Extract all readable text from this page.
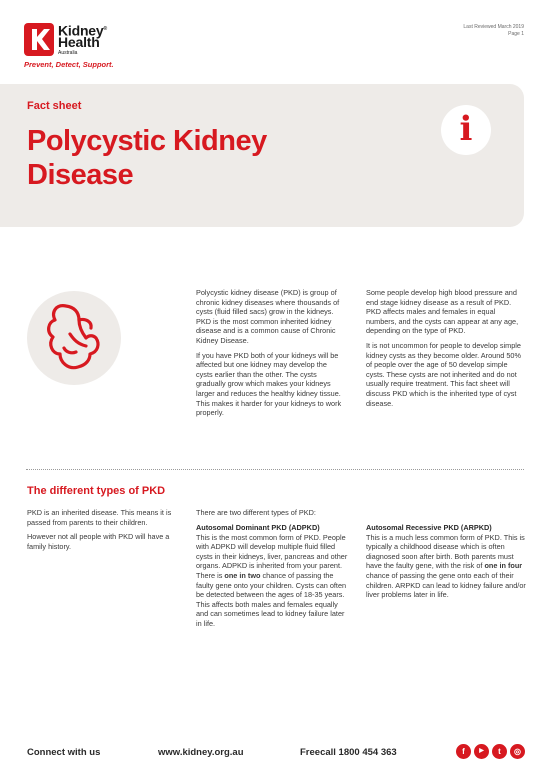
Kidney®
Health
Australia
Prevent, Detect, Support.
Last Reviewed March 2019
Page 1
Fact sheet
Polycystic Kidney Disease
i

Polycystic kidney disease (PKD) is group of chronic kidney diseases where thousands of cysts (fluid filled sacs) grow in the kidneys. PKD is the most common inherited kidney disease and is a common cause of Chronic Kidney Disease.

If you have PKD both of your kidneys will be affected but one kidney may develop the cysts earlier than the other. The cysts gradually grow which makes your kidneys larger and reduces the healthy kidney tissue. This makes it harder for your kidneys to work properly.

Some people develop high blood pressure and end stage kidney disease as a result of PKD. PKD affects males and females in equal numbers, and the cysts can appear at any age, depending on the type of PKD.

It is not uncommon for people to develop simple kidney cysts as they become older. Around 50% of people over the age of 50 develop simple cysts. These cysts are not inherited and do not usually require treatment. This fact sheet will discuss PKD which is the inherited type of cyst disease.

The different types of PKD

PKD is an inherited disease. This means it is passed from parents to their children.

However not all people with PKD will have a family history.

There are two different types of PKD:

Autosomal Dominant PKD (ADPKD)
This is the most common form of PKD. People with ADPKD will develop multiple fluid filled cysts in their kidneys, liver, pancreas and other organs. ADPKD is inherited from your parent. There is one in two chance of passing the faulty gene onto your children. Cysts can often be detected between the ages of 18-35 years. This affects both males and females equally and can sometimes lead to kidney failure later in life.
Autosomal Recessive PKD (ARPKD)
This is a much less common form of PKD. This is typically a childhood disease which is often diagnosed soon after birth. Both parents must have the faulty gene, with the risk of one in four chance of passing the gene onto each of their children. ARPKD can lead to kidney failure and/or liver problems later in life.
Connect with us	www.kidney.org.au	Freecall 1800 454 363	f	▶	t	◎
